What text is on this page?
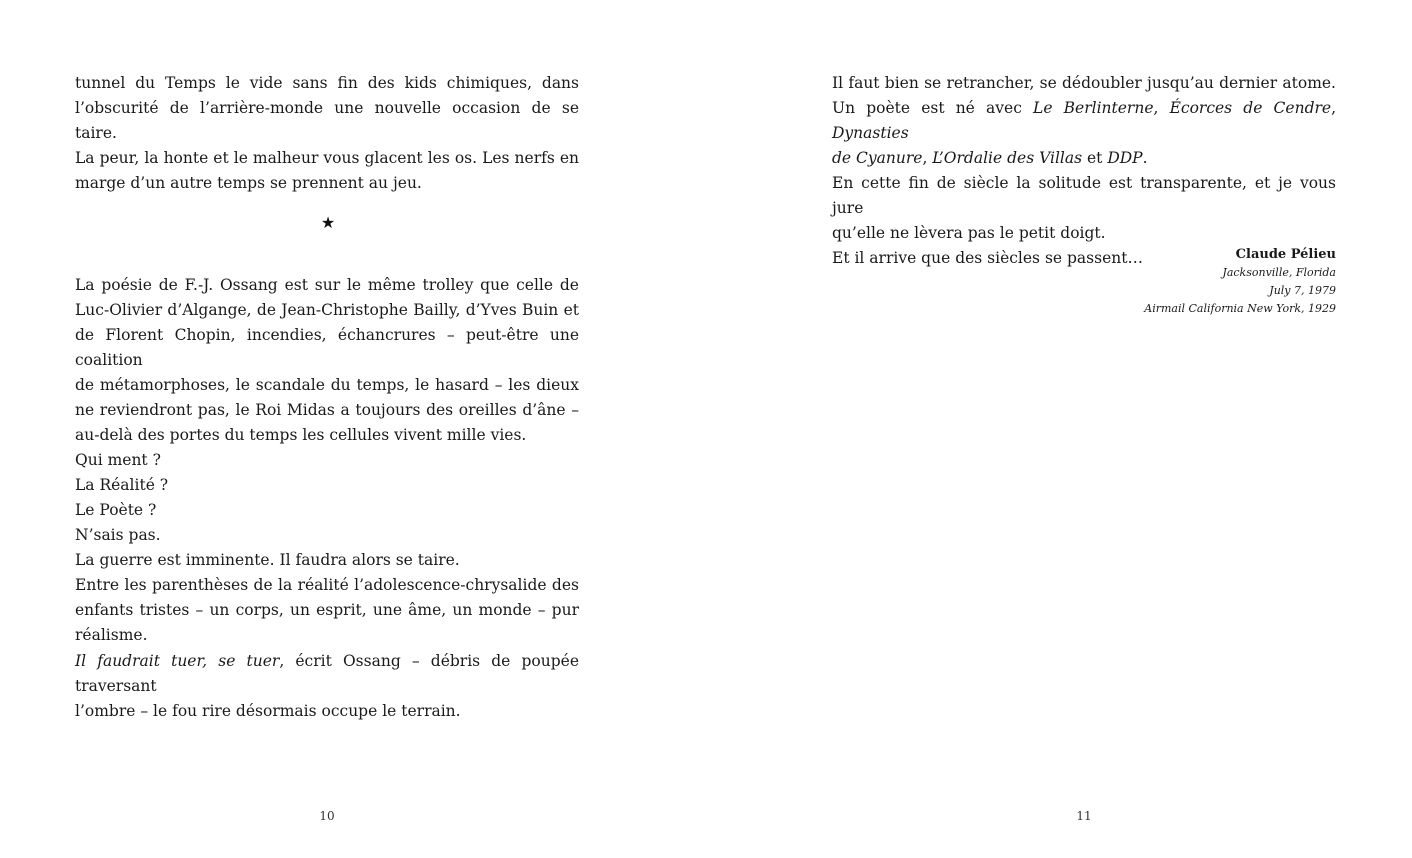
tunnel du Temps le vide sans fin des kids chimiques, dans
l’obscurité de l’arrière-monde une nouvelle occasion de se taire.
La peur, la honte et le malheur vous glacent les os. Les nerfs en
marge d’un autre temps se prennent au jeu.
★
La poésie de F.-J. Ossang est sur le même trolley que celle de
Luc-Olivier d’Algange, de Jean-Christophe Bailly, d’Yves Buin et
de Florent Chopin, incendies, échancrures – peut-être une coalition
de métamorphoses, le scandale du temps, le hasard – les dieux
ne reviendront pas, le Roi Midas a toujours des oreilles d’âne –
au-delà des portes du temps les cellules vivent mille vies.
Qui ment ?
La Réalité ?
Le Poète ?
N’sais pas.
La guerre est imminente. Il faudra alors se taire.
Entre les parenthèses de la réalité l’adolescence-chrysalide des
enfants tristes – un corps, un esprit, une âme, un monde – pur
réalisme.
Il faudrait tuer, se tuer, écrit Ossang – débris de poupée traversant
l’ombre – le fou rire désormais occupe le terrain.
10
Il faut bien se retrancher, se dédoubler jusqu’au dernier atome.
Un poète est né avec Le Berlinterne, Écorces de Cendre, Dynasties
de Cyanure, L’Ordalie des Villas et DDP.
En cette fin de siècle la solitude est transparente, et je vous jure
qu’elle ne lèvera pas le petit doigt.
Et il arrive que des siècles se passent…	Claude Pélieu
Jacksonville, Florida
July 7, 1979
Airmail California New York, 1929
11
